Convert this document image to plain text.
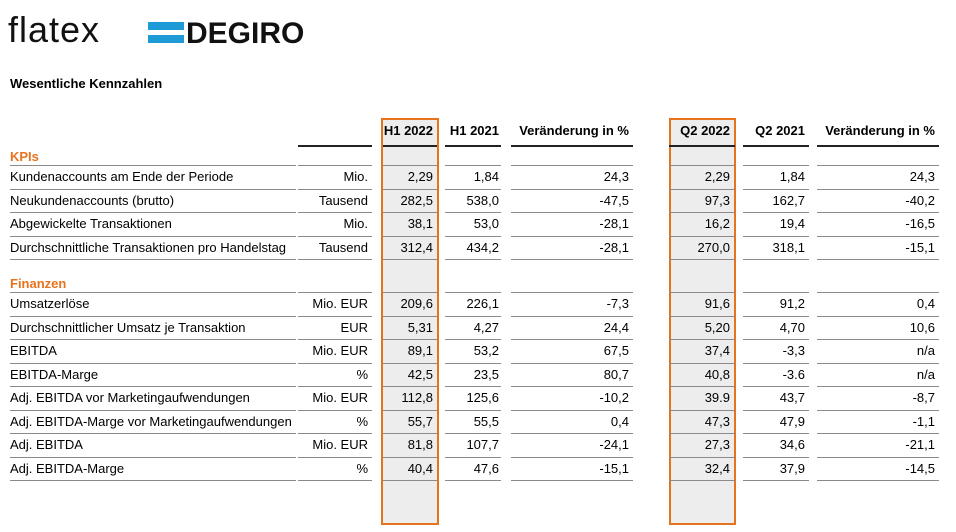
flatex	DEGIRO
Wesentliche Kennzahlen
H1 2022	H1 2021	Veränderung in %	Q2 2022	Q2 2021	Veränderung in %
KPIs
Kundenaccounts am Ende der Periode	Mio.	2,29	1,84	24,3	2,29	1,84	24,3
Neukundenaccounts (brutto)	Tausend	282,5	538,0	-47,5	97,3	162,7	-40,2
Abgewickelte Transaktionen	Mio.	38,1	53,0	-28,1	16,2	19,4	-16,5
Durchschnittliche Transaktionen pro Handelstag	Tausend	312,4	434,2	-28,1	270,0	318,1	-15,1
Finanzen
Umsatzerlöse	Mio. EUR	209,6	226,1	-7,3	91,6	91,2	0,4
Durchschnittlicher Umsatz je Transaktion	EUR	5,31	4,27	24,4	5,20	4,70	10,6
EBITDA	Mio. EUR	89,1	53,2	67,5	37,4	-3,3	n/a
EBITDA-Marge	%	42,5	23,5	80,7	40,8	-3.6	n/a
Adj. EBITDA vor Marketingaufwendungen	Mio. EUR	112,8	125,6	-10,2	39.9	43,7	-8,7
Adj. EBITDA-Marge vor Marketingaufwendungen	%	55,7	55,5	0,4	47,3	47,9	-1,1
Adj. EBITDA	Mio. EUR	81,8	107,7	-24,1	27,3	34,6	-21,1
Adj. EBITDA-Marge	%	40,4	47,6	-15,1	32,4	37,9	-14,5
